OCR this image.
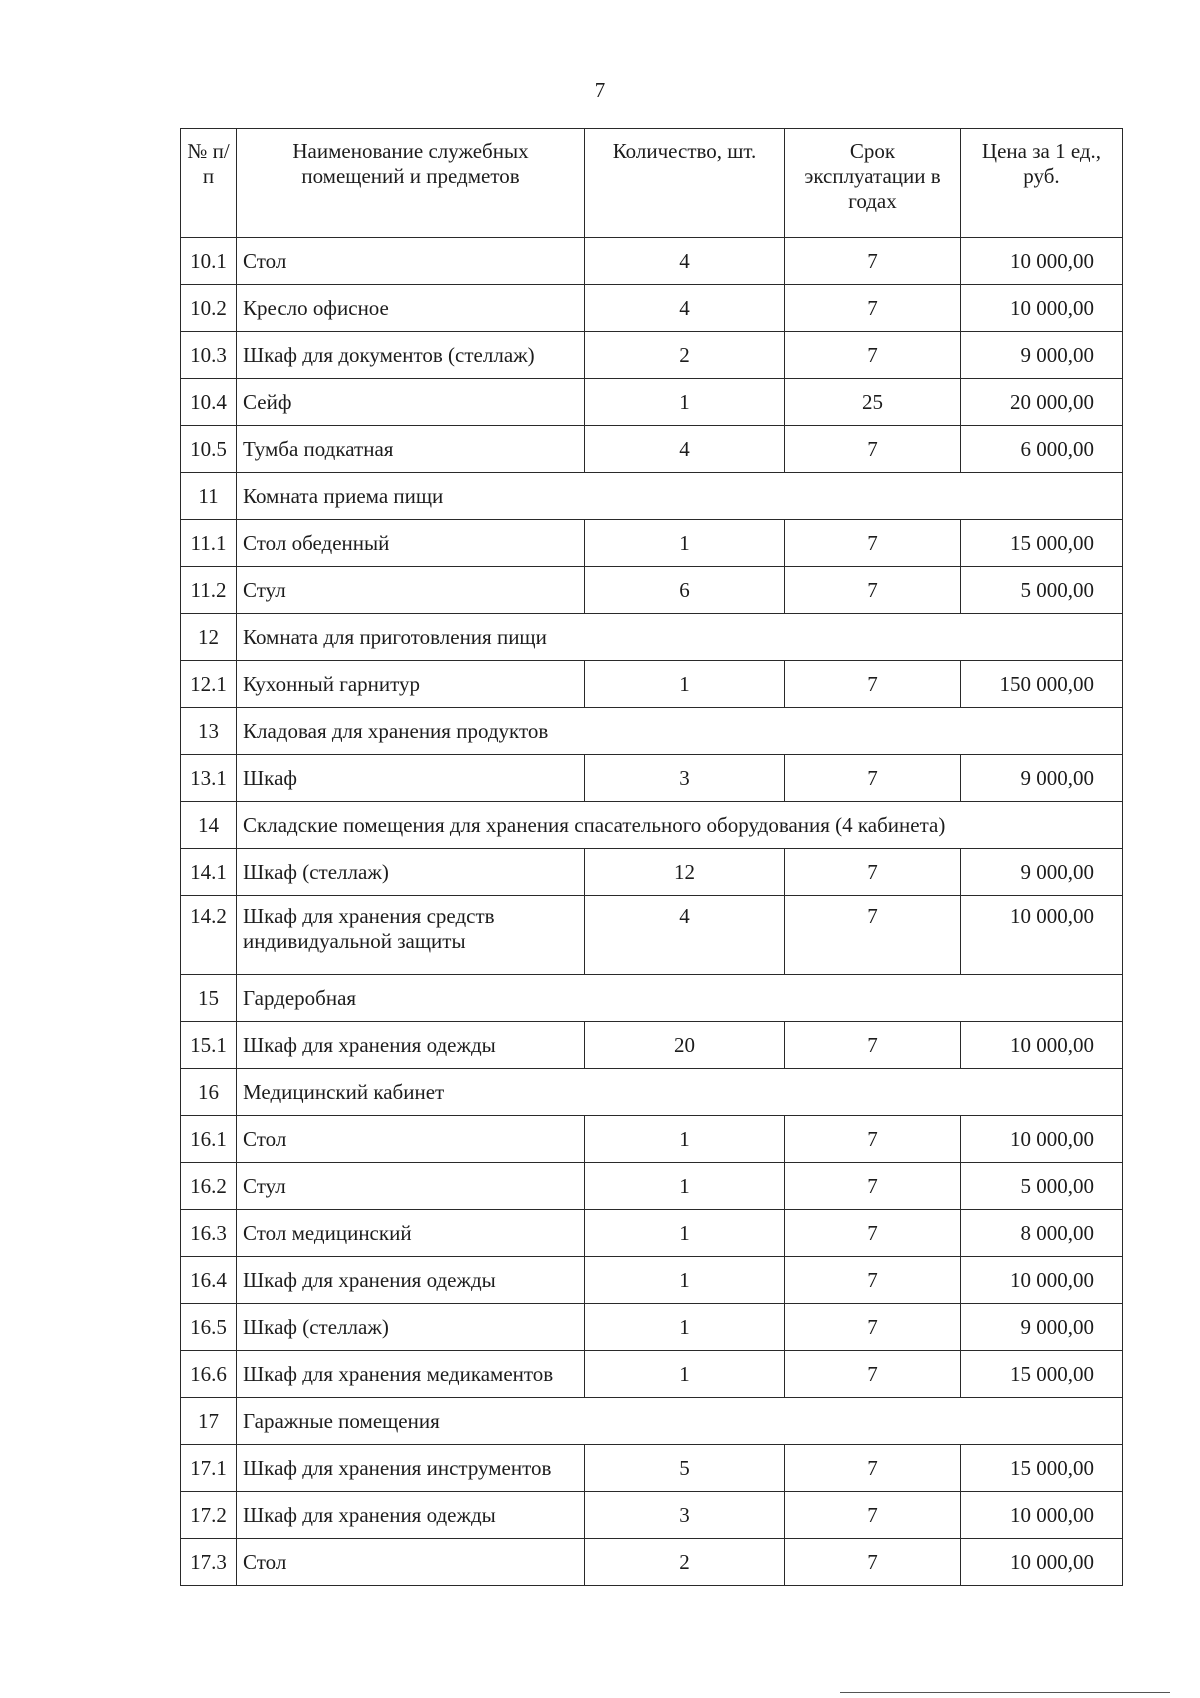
7
№ п/п	Наименование служебных помещений и предметов	Количество, шт.	Срок эксплуатации в годах	Цена за 1 ед., руб.
10.1	Стол	4	7	10 000,00
10.2	Кресло офисное	4	7	10 000,00
10.3	Шкаф для документов (стеллаж)	2	7	9 000,00
10.4	Сейф	1	25	20 000,00
10.5	Тумба подкатная	4	7	6 000,00
11	Комната приема пищи			
11.1	Стол обеденный	1	7	15 000,00
11.2	Стул	6	7	5 000,00
12	Комната для приготовления пищи			
12.1	Кухонный гарнитур	1	7	150 000,00
13	Кладовая для хранения продуктов			
13.1	Шкаф	3	7	9 000,00
14	Складские помещения для хранения спасательного оборудования (4 кабинета)			
14.1	Шкаф (стеллаж)	12	7	9 000,00
14.2	Шкаф для хранения средств индивидуальной защиты	4	7	10 000,00
15	Гардеробная			
15.1	Шкаф для хранения одежды	20	7	10 000,00
16	Медицинский кабинет			
16.1	Стол	1	7	10 000,00
16.2	Стул	1	7	5 000,00
16.3	Стол медицинский	1	7	8 000,00
16.4	Шкаф для хранения одежды	1	7	10 000,00
16.5	Шкаф (стеллаж)	1	7	9 000,00
16.6	Шкаф для хранения медикаментов	1	7	15 000,00
17	Гаражные помещения			
17.1	Шкаф для хранения инструментов	5	7	15 000,00
17.2	Шкаф для хранения одежды	3	7	10 000,00
17.3	Стол	2	7	10 000,00
